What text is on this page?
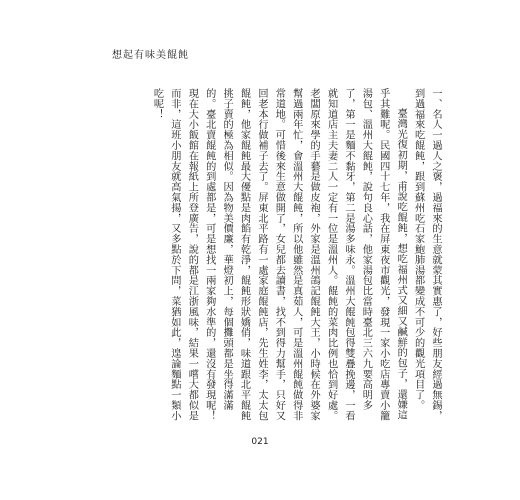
想起有味美餛飩

一、名人一過人之褒，過福來的生意就蒙其實惠了，好些朋友經過無錫，到過福來吃餛飩，跟到蘇州吃石家鮑肺湯都變成不可少的觀光項目了。

臺灣光復初期，甫說吃餛飩，想吃福州式又細又鹹鮮的包子，還嫌這乎其難呢。民國四十七年，我在屏東夜市觀光，發現一家小吃店專賣小籠湯包、溫州大餛飩，說句良心話，他家湯包比當時臺北三六九要高明多了，第一是麵不黏牙，第二是湯多味永。溫州大餛飩包得雙疊挽邊，一看就知道店主夫妻二人一定有一位是溫州人。餛飩的菜肉比例也恰到好處。老闆原來學的手藝是做皮袍，外家是溫州鴿記餛飩大王，小時候在外婆家幫過兩年忙，會溫州大餛飩，所以他雖然是真茹人，可是溫州餛飩做得非常道地。可惜後來生意做開了，女兒都去讀書，找不到得力幫手，只好又回老本行做補子去了。屏東北平路有一處家庭餛飩店，先生姓李，太太包餛飩，他家餛飩最大優點是肉餡有乾淨，餛飩形狀嬌俏，味道跟北平餛飩挑子賣的極為相似。因為物美價廉，華燈初上，每個攤頭都是坐得滿滿的。臺北賣餛飩的到處都是，可是想找一兩家夠水準的，還沒有發現呢！現在大小飯館在報紙上所登廣告，說的都是江浙風味，結果一嚐大都似是而非，這班小朋友就高氣揚，又多點於下問，菜猶如此，遑論麵點一類小吃呢！

021
